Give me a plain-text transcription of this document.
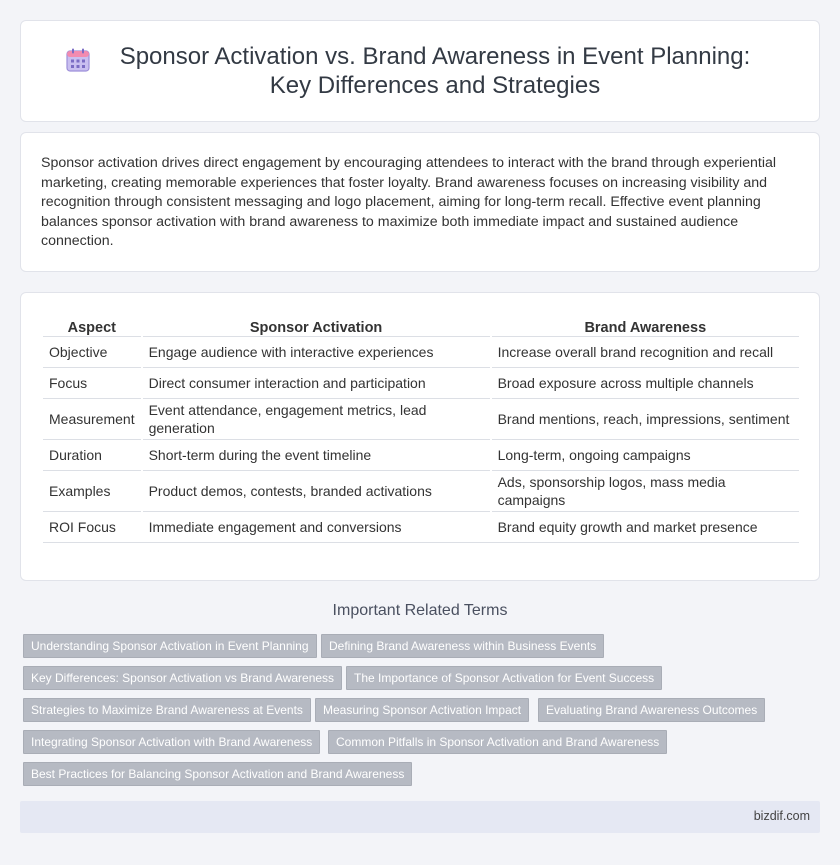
Sponsor Activation vs. Brand Awareness in Event Planning: Key Differences and Strategies

Sponsor activation drives direct engagement by encouraging attendees to interact with the brand through experiential marketing, creating memorable experiences that foster loyalty. Brand awareness focuses on increasing visibility and recognition through consistent messaging and logo placement, aiming for long-term recall. Effective event planning balances sponsor activation with brand awareness to maximize both immediate impact and sustained audience connection.

Aspect		Sponsor Activation		Brand Awareness
Objective		Engage audience with interactive experiences		Increase overall brand recognition and recall
Focus		Direct consumer interaction and participation		Broad exposure across multiple channels
Measurement		Event attendance, engagement metrics, lead generation		Brand mentions, reach, impressions, sentiment
Duration		Short-term during the event timeline		Long-term, ongoing campaigns
Examples		Product demos, contests, branded activations		Ads, sponsorship logos, mass media campaigns
ROI Focus		Immediate engagement and conversions		Brand equity growth and market presence
Important Related Terms
Understanding Sponsor Activation in Event Planning	Defining Brand Awareness within Business Events
Key Differences: Sponsor Activation vs Brand Awareness	The Importance of Sponsor Activation for Event Success
Strategies to Maximize Brand Awareness at Events	Measuring Sponsor Activation Impact	Evaluating Brand Awareness Outcomes
Integrating Sponsor Activation with Brand Awareness	Common Pitfalls in Sponsor Activation and Brand Awareness
Best Practices for Balancing Sponsor Activation and Brand Awareness
bizdif.com
